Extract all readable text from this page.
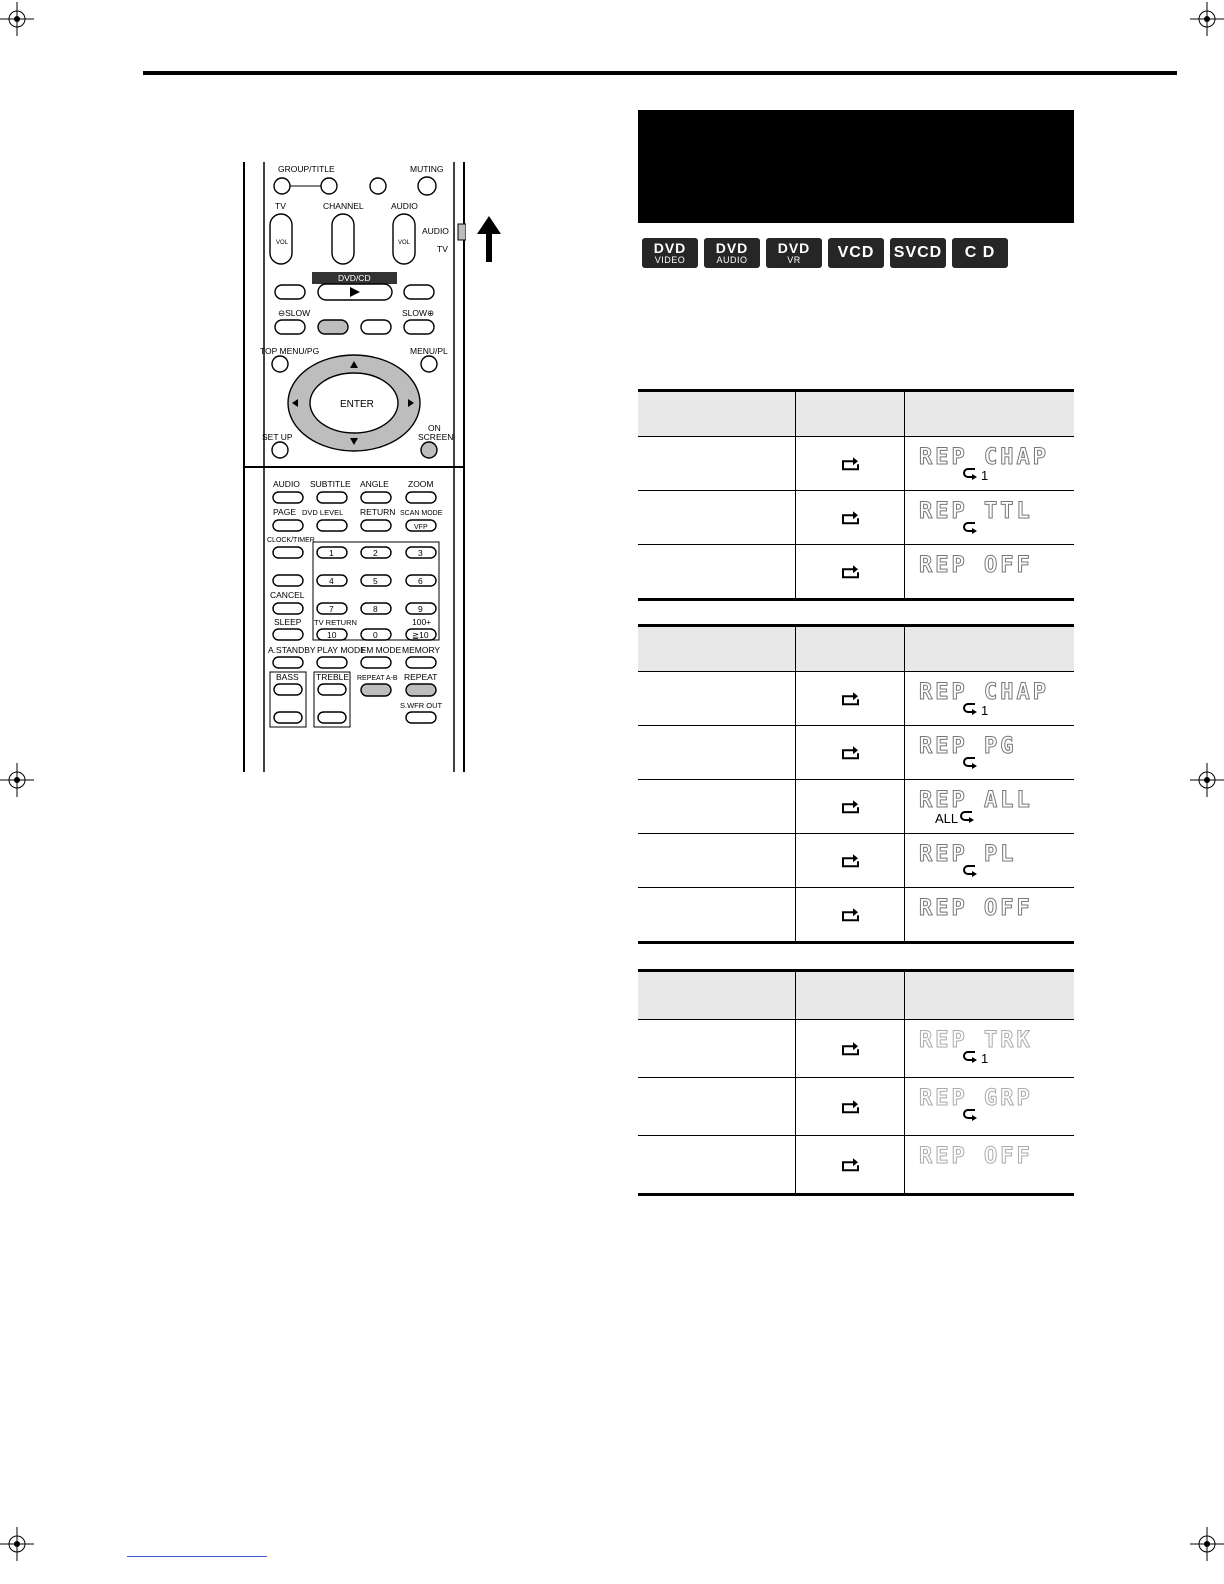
GROUP/TITLE	MUTING
TV	CHANNEL	AUDIO
VOL	VOL
AUDIO
TV
DVD/CD
⊖SLOW	SLOW⊕
TOP MENU/PG	MENU/PL
ENTER
SET UP
ON
SCREEN
AUDIO SUBTITLE ANGLE ZOOM
PAGE DVD LEVEL RETURN SCAN MODE
VFP
CLOCK/TIMER
1	2	3
4	5	6
7	8	9
CANCEL
SLEEP TV RETURN	100+
10	0	≧10
A.STANDBY PLAY MODE
FM MODE MEMORY
BASS TREBLE REPEAT A-B REPEAT
S.WFR OUT
DVD
VIDEO
DVD
AUDIO
DVD
VR VCD SVCD C D
REP CHAP
1
REP TTL
REP OFF
REP CHAP
1
REP PG
REP ALL
ALL
REP PL
REP OFF
REP TRK
1
REP GRP
REP OFF
